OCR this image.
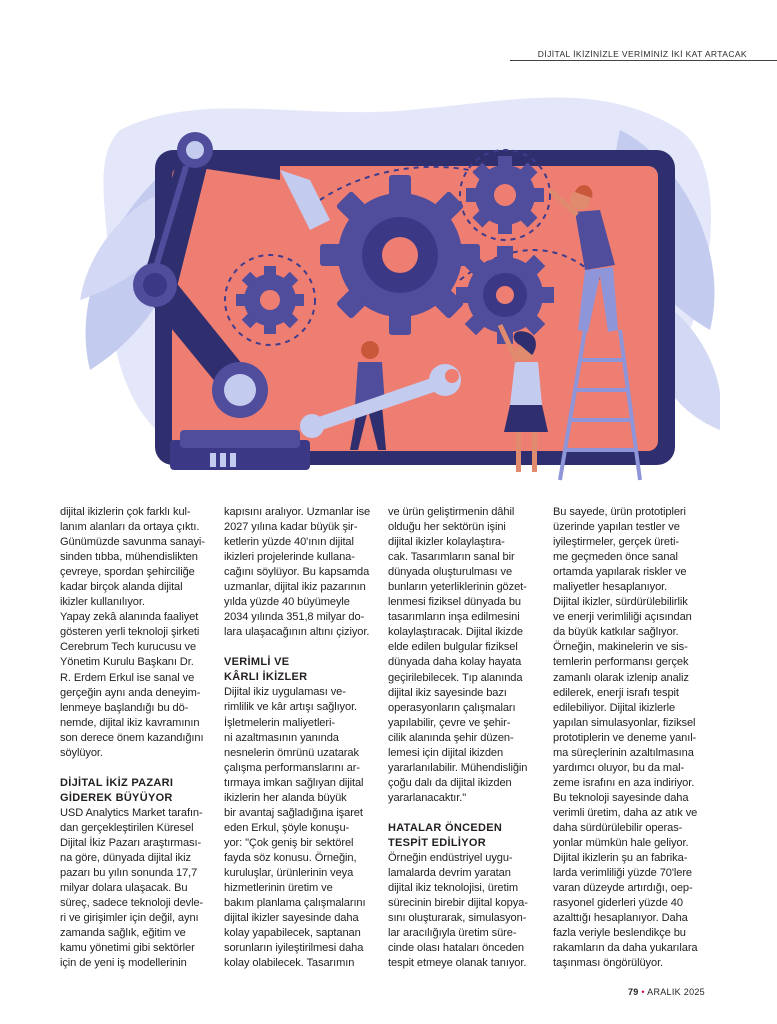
DİJİTAL İKİZİNİZLE VERİMİNİZ İKİ KAT ARTACAK
dijital ikizlerin çok farklı kul-
lanım alanları da ortaya çıktı.
Günümüzde savunma sanayi-
sinden tıbba, mühendislikten
çevreye, spordan şehirciliğe
kadar birçok alanda dijital
ikizler kullanılıyor.
Yapay zekâ alanında faaliyet
gösteren yerli teknoloji şirketi
Cerebrum Tech kurucusu ve
Yönetim Kurulu Başkanı Dr.
R. Erdem Erkul ise sanal ve
gerçeğin aynı anda deneyim-
lenmeye başlandığı bu dö-
nemde, dijital ikiz kavramının
son derece önem kazandığını
söylüyor.
DİJİTAL İKİZ PAZARI
GİDEREK BÜYÜYOR
USD Analytics Market tarafın-
dan gerçekleştirilen Küresel
Dijital İkiz Pazarı araştırması-
na göre, dünyada dijital ikiz
pazarı bu yılın sonunda 17,7
milyar dolara ulaşacak. Bu
süreç, sadece teknoloji devle-
ri ve girişimler için değil, aynı
zamanda sağlık, eğitim ve
kamu yönetimi gibi sektörler
için de yeni iş modellerinin
kapısını aralıyor. Uzmanlar ise
2027 yılına kadar büyük şir-
ketlerin yüzde 40'ının dijital
ikizleri projelerinde kullana-
cağını söylüyor. Bu kapsamda
uzmanlar, dijital ikiz pazarının
yılda yüzde 40 büyümeyle
2034 yılında 351,8 milyar do-
lara ulaşacağının altını çiziyor.
VERİMLİ VE
KÂRLI İKİZLER
Dijital ikiz uygulaması ve-
rimlilik ve kâr artışı sağlıyor.
İşletmelerin maliyetleri-
ni azaltmasının yanında
nesnelerin ömrünü uzatarak
çalışma performanslarını ar-
tırmaya imkan sağlıyan dijital
ikizlerin her alanda büyük
bir avantaj sağladığına işaret
eden Erkul, şöyle konuşu-
yor: "Çok geniş bir sektörel
fayda söz konusu. Örneğin,
kuruluşlar, ürünlerinin veya
hizmetlerinin üretim ve
bakım planlama çalışmalarını
dijital ikizler sayesinde daha
kolay yapabilecek, saptanan
sorunların iyileştirilmesi daha
kolay olabilecek. Tasarımın
ve ürün geliştirmenin dâhil
olduğu her sektörün işini
dijital ikizler kolaylaştıra-
cak. Tasarımların sanal bir
dünyada oluşturulması ve
bunların yeterliklerinin gözet-
lenmesi fiziksel dünyada bu
tasarımların inşa edilmesini
kolaylaştıracak. Dijital ikizde
elde edilen bulgular fiziksel
dünyada daha kolay hayata
geçirilebilecek. Tıp alanında
dijital ikiz sayesinde bazı
operasyonların çalışmaları
yapılabilir, çevre ve şehir-
cilik alanında şehir düzen-
lemesi için dijital ikizden
yararlanılabilir. Mühendisliğin
çoğu dalı da dijital ikizden
yararlanacaktır."
HATALAR ÖNCEDEN
TESPİT EDİLİYOR
Örneğin endüstriyel uygu-
lamalarda devrim yaratan
dijital ikiz teknolojisi, üretim
sürecinin birebir dijital kopya-
sını oluşturarak, simulasyon-
lar aracılığıyla üretim süre-
cinde olası hataları önceden
tespit etmeye olanak tanıyor.
Bu sayede, ürün prototipleri
üzerinde yapılan testler ve
iyileştirmeler, gerçek üreti-
me geçmeden önce sanal
ortamda yapılarak riskler ve
maliyetler hesaplanıyor.
Dijital ikizler, sürdürülebilirlik
ve enerji verimliliği açısından
da büyük katkılar sağlıyor.
Örneğin, makinelerin ve sis-
temlerin performansı gerçek
zamanlı olarak izlenip analiz
edilerek, enerji israfı tespit
edilebiliyor. Dijital ikizlerle
yapılan simulasyonlar, fiziksel
prototiplerin ve deneme yanıl-
ma süreçlerinin azaltılmasına
yardımcı oluyor, bu da mal-
zeme israfını en aza indiriyor.
Bu teknoloji sayesinde daha
verimli üretim, daha az atık ve
daha sürdürülebilir operas-
yonlar mümkün hale geliyor.
Dijital ikizlerin şu an fabrika-
larda verimliliği yüzde 70'lere
varan düzeyde artırdığı, oep-
rasyonel giderleri yüzde 40
azalttığı hesaplanıyor. Daha
fazla veriyle beslendikçe bu
rakamların da daha yukarılara
taşınması öngörülüyor.
79 • ARALIK 2025
